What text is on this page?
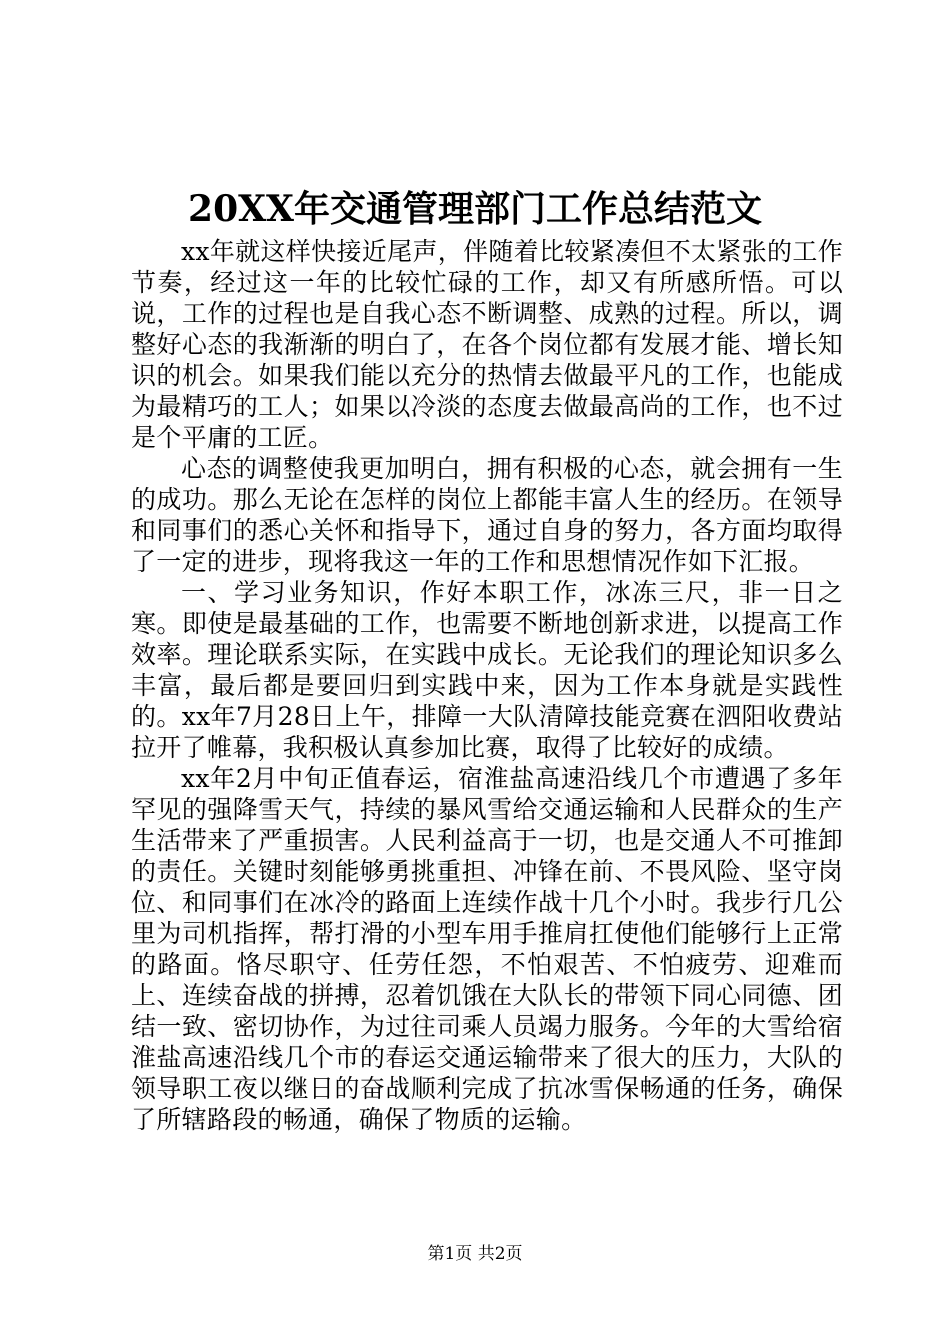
20XX年交通管理部门工作总结范文

xx年就这样快接近尾声，伴随着比较紧凑但不太紧张的工作节奏，经过这一年的比较忙碌的工作，却又有所感所悟。可以说，工作的过程也是自我心态不断调整、成熟的过程。所以，调整好心态的我渐渐的明白了，在各个岗位都有发展才能、增长知识的机会。如果我们能以充分的热情去做最平凡的工作，也能成为最精巧的工人；如果以冷淡的态度去做最高尚的工作，也不过是个平庸的工匠。

心态的调整使我更加明白，拥有积极的心态，就会拥有一生的成功。那么无论在怎样的岗位上都能丰富人生的经历。在领导和同事们的悉心关怀和指导下，通过自身的努力，各方面均取得了一定的进步，现将我这一年的工作和思想情况作如下汇报。

一、学习业务知识，作好本职工作，冰冻三尺，非一日之寒。即使是最基础的工作，也需要不断地创新求进，以提高工作效率。理论联系实际，在实践中成长。无论我们的理论知识多么丰富，最后都是要回归到实践中来，因为工作本身就是实践性的。xx年7月28日上午，排障一大队清障技能竞赛在泗阳收费站拉开了帷幕，我积极认真参加比赛，取得了比较好的成绩。

xx年2月中旬正值春运，宿淮盐高速沿线几个市遭遇了多年罕见的强降雪天气，持续的暴风雪给交通运输和人民群众的生产生活带来了严重损害。人民利益高于一切，也是交通人不可推卸的责任。关键时刻能够勇挑重担、冲锋在前、不畏风险、坚守岗位、和同事们在冰冷的路面上连续作战十几个小时。我步行几公里为司机指挥，帮打滑的小型车用手推肩扛使他们能够行上正常的路面。恪尽职守、任劳任怨，不怕艰苦、不怕疲劳、迎难而上、连续奋战的拼搏，忍着饥饿在大队长的带领下同心同德、团结一致、密切协作，为过往司乘人员竭力服务。今年的大雪给宿淮盐高速沿线几个市的春运交通运输带来了很大的压力，大队的领导职工夜以继日的奋战顺利完成了抗冰雪保畅通的任务，确保了所辖路段的畅通，确保了物质的运输。

第1页 共2页
